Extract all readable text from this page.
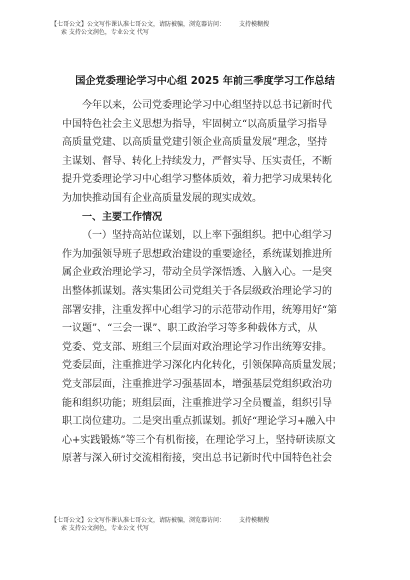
【七哥公文】公文写作课认准七哥公文，请防被骗，浏览器访问： 支持模糊搜
索 支持公文润色，专业公文 代写
国企党委理论学习中心组 2025 年前三季度学习工作总结
今年以来，公司党委理论学习中心组坚持以总书记新时代
中国特色社会主义思想为指导，牢固树立“以高质量学习指导
高质量党建、以高质量党建引领企业高质量发展”理念，坚持
主谋划、督导、转化上持续发力，严督实导、压实责任，不断
提升党委理论学习中心组学习整体质效，着力把学习成果转化
为加快推动国有企业高质量发展的现实成效。
一、主要工作情况
（一）坚持高站位谋划，以上率下强组织。把中心组学习
作为加强领导班子思想政治建设的重要途径，系统谋划推进所
属企业政治理论学习，带动全员学深悟透、入脑入心。一是突
出整体抓谋划。落实集团公司党组关于各层级政治理论学习的
部署安排，注重发挥中心组学习的示范带动作用，统筹用好“第
一议题”、“三会一课”、职工政治学习等多种载体方式，从
党委、党支部、班组三个层面对政治理论学习作出统筹安排。
党委层面，注重推进学习深化内化转化，引领保障高质量发展；
党支部层面，注重推进学习强基固本，增强基层党组织政治功
能和组织功能；班组层面，注重推进学习全员覆盖，组织引导
职工岗位建功。二是突出重点抓谋划。抓好“理论学习+融入中
心+实践锻炼”等三个有机衔接，在理论学习上，坚持研读原文
原著与深入研讨交流相衔接，突出总书记新时代中国特色社会
【七哥公文】公文写作课认准七哥公文，请防被骗，浏览器访问： 支持模糊搜
索 支持公文润色，专业公文 代写
